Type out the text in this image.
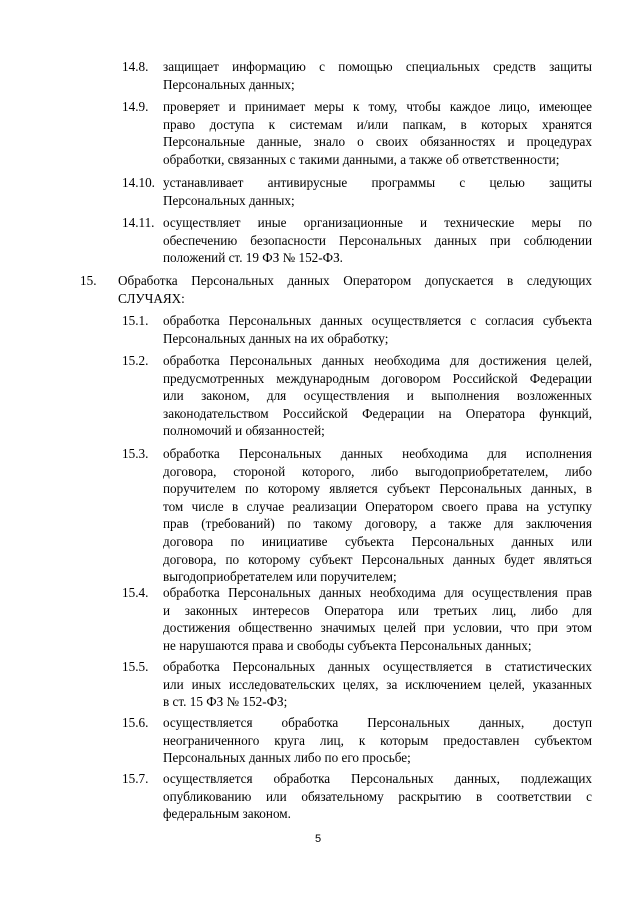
14.8. защищает информацию с помощью специальных средств защиты
Персональных данных;
14.9. проверяет и принимает меры к тому, чтобы каждое лицо, имеющее
право доступа к системам и/или папкам, в которых хранятся
Персональные данные, знало о своих обязанностях и процедурах
обработки, связанных с такими данными, а также об ответственности;
14.10. устанавливает антивирусные программы с целью защиты
Персональных данных;
14.11. осуществляет иные организационные и технические меры по
обеспечению безопасности Персональных данных при соблюдении
положений ст. 19 ФЗ № 152-ФЗ.
15. Обработка Персональных данных Оператором допускается в следующих
СЛУЧАЯХ:
15.1. обработка Персональных данных осуществляется с согласия субъекта
Персональных данных на их обработку;
15.2. обработка Персональных данных необходима для достижения целей,
предусмотренных международным договором Российской Федерации
или законом, для осуществления и выполнения возложенных
законодательством Российской Федерации на Оператора функций,
полномочий и обязанностей;
15.3. обработка Персональных данных необходима для исполнения
договора, стороной которого, либо выгодоприобретателем, либо
поручителем по которому является субъект Персональных данных, в
том числе в случае реализации Оператором своего права на уступку
прав (требований) по такому договору, а также для заключения
договора по инициативе субъекта Персональных данных или
договора, по которому субъект Персональных данных будет являться
выгодоприобретателем или поручителем;
15.4. обработка Персональных данных необходима для осуществления прав
и законных интересов Оператора или третьих лиц, либо для
достижения общественно значимых целей при условии, что при этом
не нарушаются права и свободы субъекта Персональных данных;
15.5. обработка Персональных данных осуществляется в статистических
или иных исследовательских целях, за исключением целей, указанных
в ст. 15 ФЗ № 152-ФЗ;
15.6. осуществляется обработка Персональных данных, доступ
неограниченного круга лиц, к которым предоставлен субъектом
Персональных данных либо по его просьбе;
15.7. осуществляется обработка Персональных данных, подлежащих
опубликованию или обязательному раскрытию в соответствии с
федеральным законом.
5
